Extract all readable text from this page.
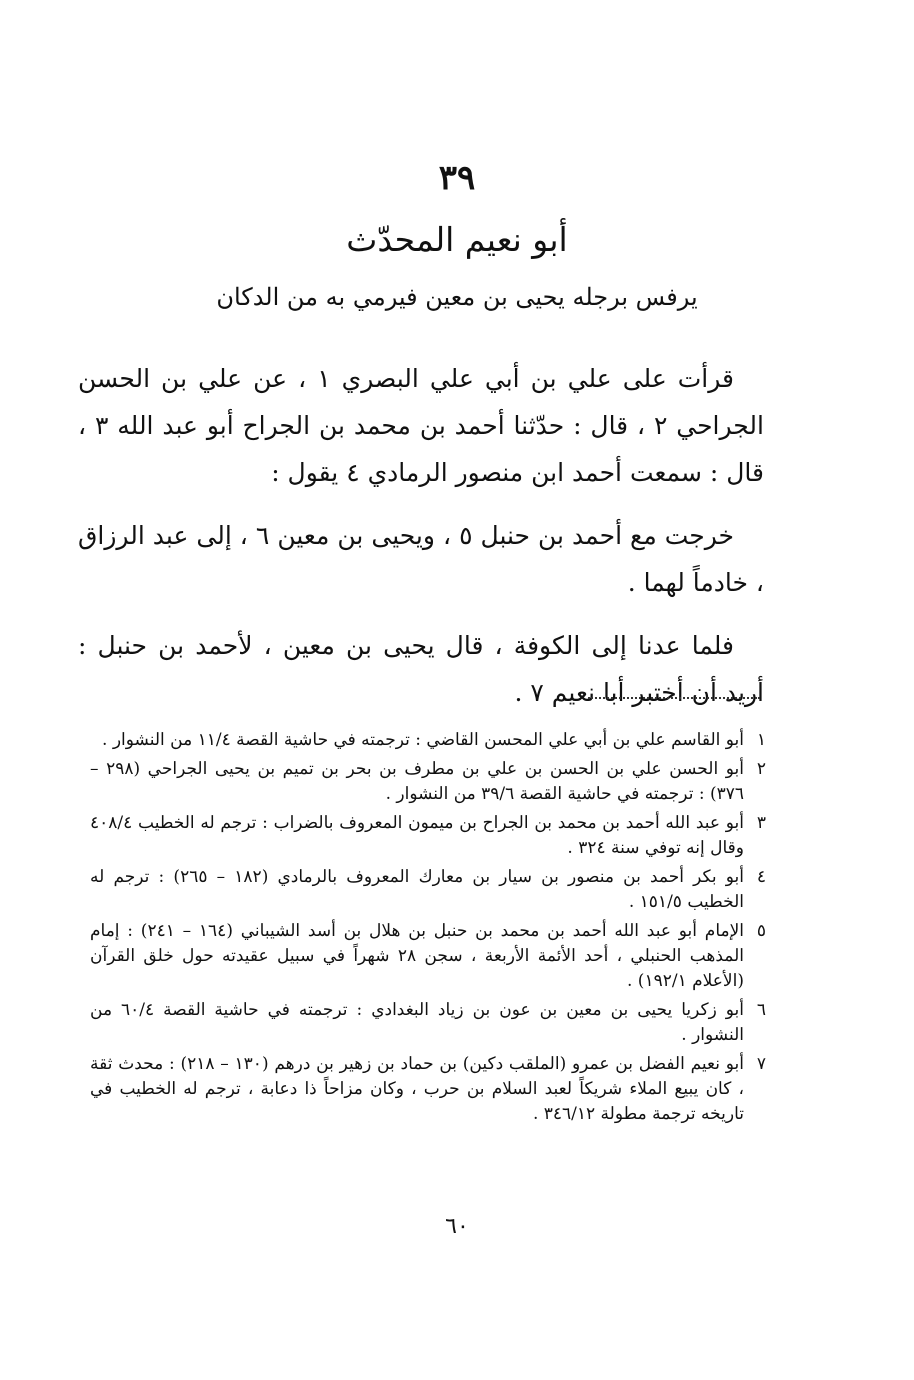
٣٩
أبو نعيم المحدّث
يرفس برجله يحيى بن معين فيرمي به من الدكان

قرأت على علي بن أبي علي البصري ١ ، عن علي بن الحسن الجراحي ٢ ، قال : حدّثنا أحمد بن محمد بن الجراح أبو عبد الله ٣ ، قال : سمعت أحمد ابن منصور الرمادي ٤ يقول :

خرجت مع أحمد بن حنبل ٥ ، ويحيى بن معين ٦ ، إلى عبد الرزاق ، خادماً لهما .

فلما عدنا إلى الكوفة ، قال يحيى بن معين ، لأحمد بن حنبل : أريد أن أختبر أبا نعيم ٧ .

١
أبو القاسم علي بن أبي علي المحسن القاضي : ترجمته في حاشية القصة ١١/٤ من النشوار .
٢
أبو الحسن علي بن الحسن بن علي بن مطرف بن بحر بن تميم بن يحيى الجراحي (٢٩٨ – ٣٧٦) : ترجمته في حاشية القصة ٣٩/٦ من النشوار .
٣
أبو عبد الله أحمد بن محمد بن الجراح بن ميمون المعروف بالضراب : ترجم له الخطيب ٤٠٨/٤ وقال إنه توفي سنة ٣٢٤ .
٤
أبو بكر أحمد بن منصور بن سيار بن معارك المعروف بالرمادي (١٨٢ – ٢٦٥) : ترجم له الخطيب ١٥١/٥ .
٥
الإمام أبو عبد الله أحمد بن محمد بن حنبل بن هلال بن أسد الشيباني (١٦٤ – ٢٤١) : إمام المذهب الحنبلي ، أحد الأئمة الأربعة ، سجن ٢٨ شهراً في سبيل عقيدته حول خلق القرآن (الأعلام ١٩٢/١) .
٦
أبو زكريا يحيى بن معين بن عون بن زياد البغدادي : ترجمته في حاشية القصة ٦٠/٤ من النشوار .
٧
أبو نعيم الفضل بن عمرو (الملقب دكين) بن حماد بن زهير بن درهم (١٣٠ – ٢١٨) : محدث ثقة ، كان يبيع الملاء شريكاً لعبد السلام بن حرب ، وكان مزاحاً ذا دعابة ، ترجم له الخطيب في تاريخه ترجمة مطولة ٣٤٦/١٢ .
٦٠
